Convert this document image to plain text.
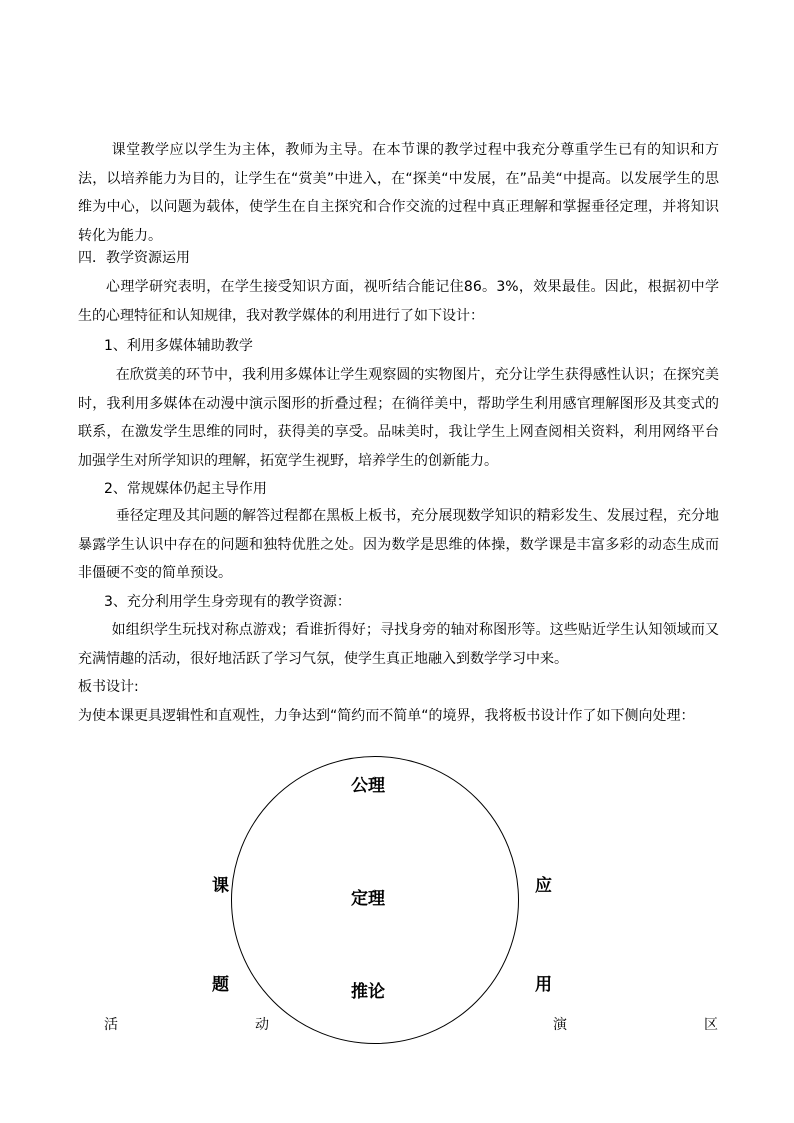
课堂教学应以学生为主体，教师为主导。在本节课的教学过程中我充分尊重学生已有的知识和方法，以培养能力为目的，让学生在“赏美”中进入，在“探美“中发展，在”品美“中提高。以发展学生的思维为中心，以问题为载体，使学生在自主探究和合作交流的过程中真正理解和掌握垂径定理，并将知识转化为能力。

四．教学资源运用

心理学研究表明，在学生接受知识方面，视听结合能记住86。3%，效果最佳。因此，根据初中学生的心理特征和认知规律，我对教学媒体的利用进行了如下设计：

1、利用多媒体辅助教学

在欣赏美的环节中，我利用多媒体让学生观察圆的实物图片，充分让学生获得感性认识；在探究美时，我利用多媒体在动漫中演示图形的折叠过程；在徜徉美中，帮助学生利用感官理解图形及其变式的联系，在激发学生思维的同时，获得美的享受。品味美时，我让学生上网查阅相关资料，利用网络平台加强学生对所学知识的理解，拓宽学生视野，培养学生的创新能力。

2、常规媒体仍起主导作用

垂径定理及其问题的解答过程都在黑板上板书，充分展现数学知识的精彩发生、发展过程，充分地暴露学生认识中存在的问题和独特优胜之处。因为数学是思维的体操，数学课是丰富多彩的动态生成而非僵硬不变的简单预设。

3、充分利用学生身旁现有的教学资源：

如组织学生玩找对称点游戏；看谁折得好；寻找身旁的轴对称图形等。这些贴近学生认知领域而又充满情趣的活动，很好地活跃了学习气氛，使学生真正地融入到数学学习中来。

板书设计:

为使本课更具逻辑性和直观性，力争达到“简约而不简单“的境界，我将板书设计作了如下侧向处理：

公理
定理
推论
课
题
应
用
活	动	演	区
